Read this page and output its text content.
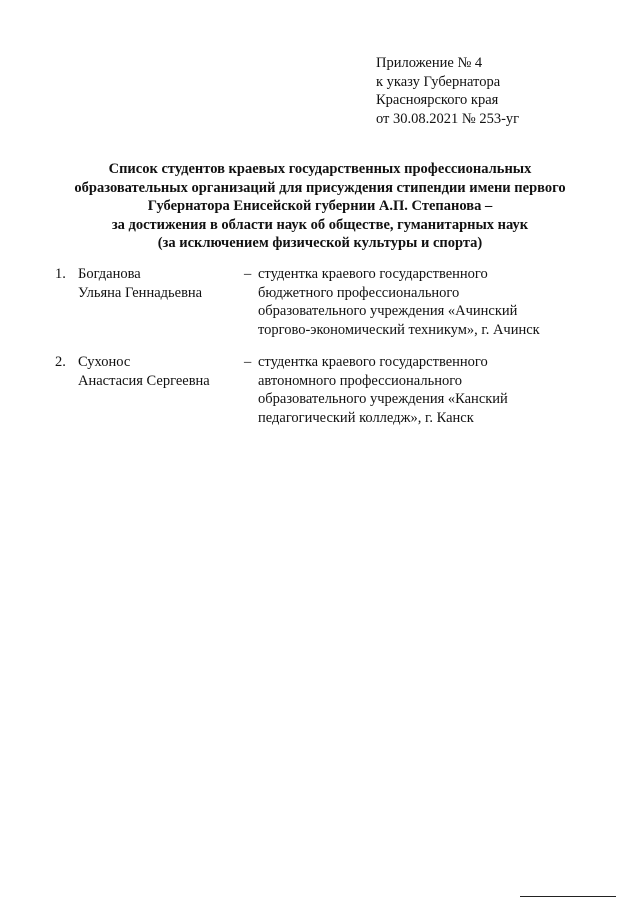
Приложение № 4
к указу Губернатора
Красноярского края
от 30.08.2021 № 253-уг
Список студентов краевых государственных профессиональных
образовательных организаций для присуждения стипендии имени первого
Губернатора Енисейской губернии А.П. Степанова –
за достижения в области наук об обществе, гуманитарных наук
(за исключением физической культуры и спорта)
1. Богданова
Ульяна Геннадьевна
– студентка краевого государственного
бюджетного профессионального
образовательного учреждения «Ачинский
торгово-экономический техникум», г. Ачинск
2. Сухонос
Анастасия Сергеевна
– студентка краевого государственного
автономного профессионального
образовательного учреждения «Канский
педагогический колледж», г. Канск
